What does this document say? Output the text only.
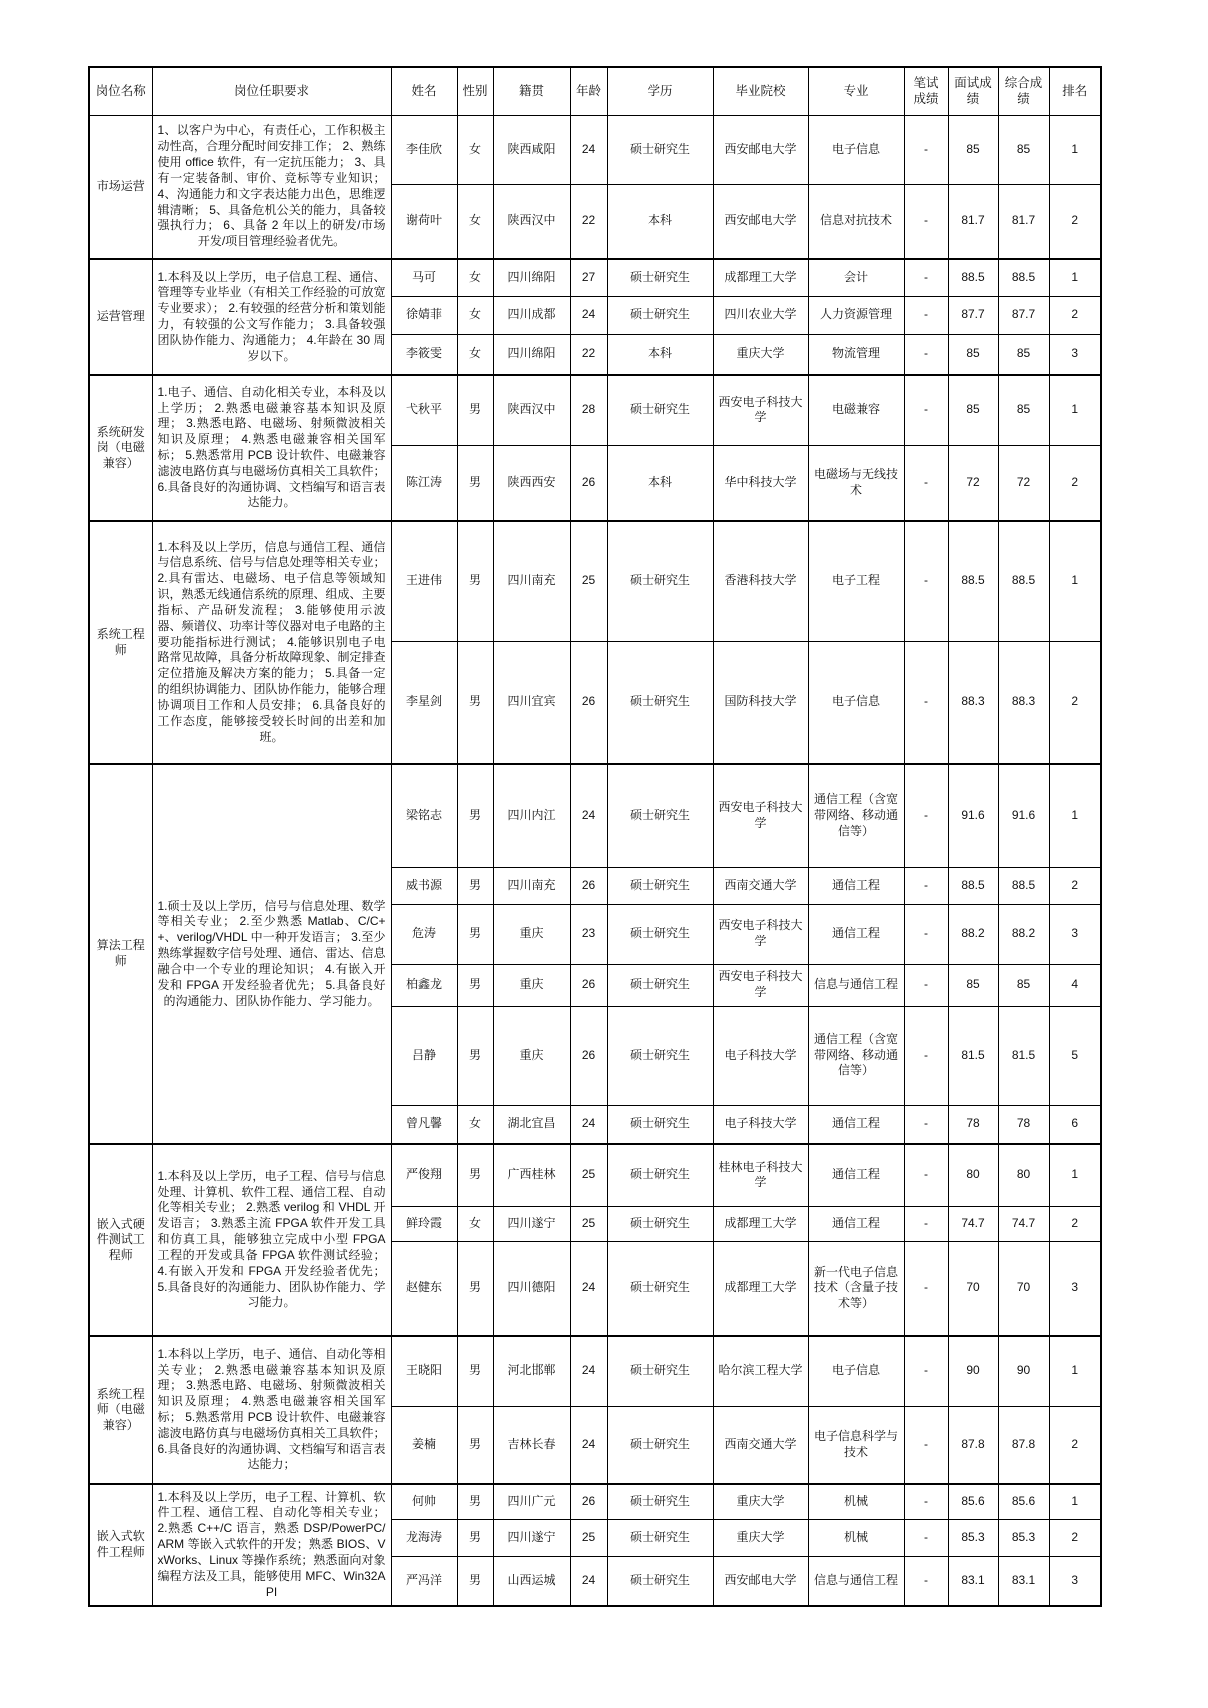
岗位名称	岗位任职要求	姓名	性别	籍贯	年龄	学历	毕业院校	专业	笔试成绩	面试成绩	综合成绩	排名
市场运营	1、以客户为中心，有责任心，工作积极主动性高，合理分配时间安排工作； 2、熟练使用 office 软件，有一定抗压能力； 3、具有一定装备制、审价、竞标等专业知识； 4、沟通能力和文字表达能力出色，思维逻辑清晰； 5、具备危机公关的能力，具备较强执行力； 6、具备 2 年以上的研发/市场开发/项目管理经验者优先。	李佳欣	女	陕西咸阳	24	硕士研究生	西安邮电大学	电子信息	-	85	85	1
		谢荷叶	女	陕西汉中	22	本科	西安邮电大学	信息对抗技术	-	81.7	81.7	2
运营管理	1.本科及以上学历，电子信息工程、通信、管理等专业毕业（有相关工作经验的可放宽专业要求）； 2.有较强的经营分析和策划能力，有较强的公文写作能力； 3.具备较强团队协作能力、沟通能力； 4.年龄在 30 周岁以下。	马可	女	四川绵阳	27	硕士研究生	成都理工大学	会计	-	88.5	88.5	1
		徐婧菲	女	四川成都	24	硕士研究生	四川农业大学	人力资源管理	-	87.7	87.7	2
		李筱雯	女	四川绵阳	22	本科	重庆大学	物流管理	-	85	85	3
系统研发岗（电磁兼容）	1.电子、通信、自动化相关专业，本科及以上学历； 2.熟悉电磁兼容基本知识及原理； 3.熟悉电路、电磁场、射频微波相关知识及原理； 4.熟悉电磁兼容相关国军标； 5.熟悉常用 PCB 设计软件、电磁兼容滤波电路仿真与电磁场仿真相关工具软件； 6.具备良好的沟通协调、文档编写和语言表达能力。	弋秋平	男	陕西汉中	28	硕士研究生	西安电子科技大学	电磁兼容	-	85	85	1
		陈江涛	男	陕西西安	26	本科	华中科技大学	电磁场与无线技术	-	72	72	2
系统工程师	1.本科及以上学历，信息与通信工程、通信与信息系统、信号与信息处理等相关专业； 2.具有雷达、电磁场、电子信息等领域知识，熟悉无线通信系统的原理、组成、主要指标、产品研发流程； 3.能够使用示波器、频谱仪、功率计等仪器对电子电路的主要功能指标进行测试； 4.能够识别电子电路常见故障，具备分析故障现象、制定排查定位措施及解决方案的能力； 5.具备一定的组织协调能力、团队协作能力，能够合理协调项目工作和人员安排； 6.具备良好的工作态度，能够接受较长时间的出差和加班。	王进伟	男	四川南充	25	硕士研究生	香港科技大学	电子工程	-	88.5	88.5	1
		李星剑	男	四川宜宾	26	硕士研究生	国防科技大学	电子信息	-	88.3	88.3	2
算法工程师	1.硕士及以上学历，信号与信息处理、数学等相关专业； 2.至少熟悉 Matlab、C/C++、verilog/VHDL 中一种开发语言； 3.至少熟练掌握数字信号处理、通信、雷达、信息融合中一个专业的理论知识； 4.有嵌入开发和 FPGA 开发经验者优先； 5.具备良好的沟通能力、团队协作能力、学习能力。	梁铭志	男	四川内江	24	硕士研究生	西安电子科技大学	通信工程（含宽带网络、移动通信等）	-	91.6	91.6	1
		威书源	男	四川南充	26	硕士研究生	西南交通大学	通信工程	-	88.5	88.5	2
		危涛	男	重庆	23	硕士研究生	西安电子科技大学	通信工程	-	88.2	88.2	3
		柏鑫龙	男	重庆	26	硕士研究生	西安电子科技大学	信息与通信工程	-	85	85	4
		吕静	男	重庆	26	硕士研究生	电子科技大学	通信工程（含宽带网络、移动通信等）	-	81.5	81.5	5
		曾凡馨	女	湖北宜昌	24	硕士研究生	电子科技大学	通信工程	-	78	78	6
嵌入式硬件测试工程师	1.本科及以上学历，电子工程、信号与信息处理、计算机、软件工程、通信工程、自动化等相关专业； 2.熟悉 verilog 和 VHDL 开发语言； 3.熟悉主流 FPGA 软件开发工具和仿真工具，能够独立完成中小型 FPGA 工程的开发或具备 FPGA 软件测试经验； 4.有嵌入开发和 FPGA 开发经验者优先； 5.具备良好的沟通能力、团队协作能力、学习能力。	严俊翔	男	广西桂林	25	硕士研究生	桂林电子科技大学	通信工程	-	80	80	1
		鲜玲霞	女	四川遂宁	25	硕士研究生	成都理工大学	通信工程	-	74.7	74.7	2
		赵健东	男	四川德阳	24	硕士研究生	成都理工大学	新一代电子信息技术（含量子技术等）	-	70	70	3
系统工程师（电磁兼容）	1.本科以上学历，电子、通信、自动化等相关专业； 2.熟悉电磁兼容基本知识及原理； 3.熟悉电路、电磁场、射频微波相关知识及原理； 4.熟悉电磁兼容相关国军标； 5.熟悉常用 PCB 设计软件、电磁兼容滤波电路仿真与电磁场仿真相关工具软件； 6.具备良好的沟通协调、文档编写和语言表达能力；	王晓阳	男	河北邯郸	24	硕士研究生	哈尔滨工程大学	电子信息	-	90	90	1
		姜楠	男	吉林长春	24	硕士研究生	西南交通大学	电子信息科学与技术	-	87.8	87.8	2
嵌入式软件工程师	1.本科及以上学历，电子工程、计算机、软件工程、通信工程、自动化等相关专业； 2.熟悉 C++/C 语言，熟悉 DSP/PowerPC/ARM 等嵌入式软件的开发；熟悉 BIOS、VxWorks、Linux 等操作系统；熟悉面向对象编程方法及工具，能够使用 MFC、Win32API	何帅	男	四川广元	26	硕士研究生	重庆大学	机械	-	85.6	85.6	1
		龙海涛	男	四川遂宁	25	硕士研究生	重庆大学	机械	-	85.3	85.3	2
		严冯洋	男	山西运城	24	硕士研究生	西安邮电大学	信息与通信工程	-	83.1	83.1	3
